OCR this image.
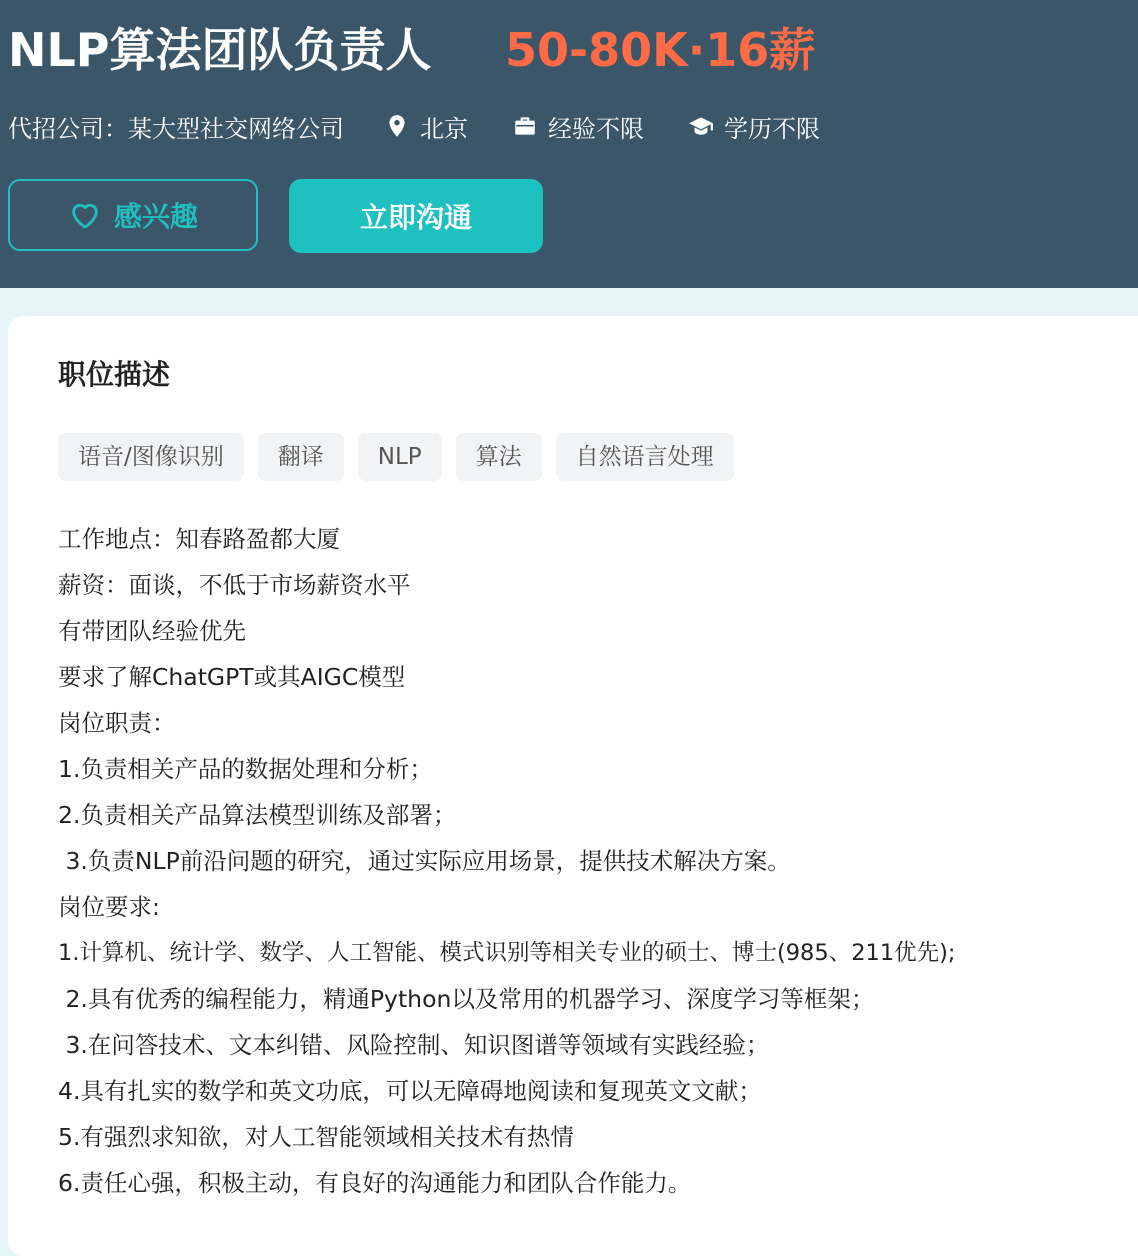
NLP算法团队负责人 50-80K·16薪
代招公司：某大型社交网络公司	北京	经验不限	学历不限
感兴趣	立即沟通
职位描述
语音/图像识别	翻译	NLP	算法	自然语言处理
工作地点：知春路盈都大厦
薪资：面谈，不低于市场薪资水平
有带团队经验优先
要求了解ChatGPT或其AIGC模型
岗位职责：
1.负责相关产品的数据处理和分析；
2.负责相关产品算法模型训练及部署；
3.负责NLP前沿问题的研究，通过实际应用场景，提供技术解决方案。
岗位要求:
1.计算机、统计学、数学、人工智能、模式识别等相关专业的硕士、博士(985、211优先);
2.具有优秀的编程能力，精通Python以及常用的机器学习、深度学习等框架；
3.在问答技术、文本纠错、风险控制、知识图谱等领域有实践经验；
4.具有扎实的数学和英文功底，可以无障碍地阅读和复现英文文献；
5.有强烈求知欲，对人工智能领域相关技术有热情
6.责任心强，积极主动，有良好的沟通能力和团队合作能力。
